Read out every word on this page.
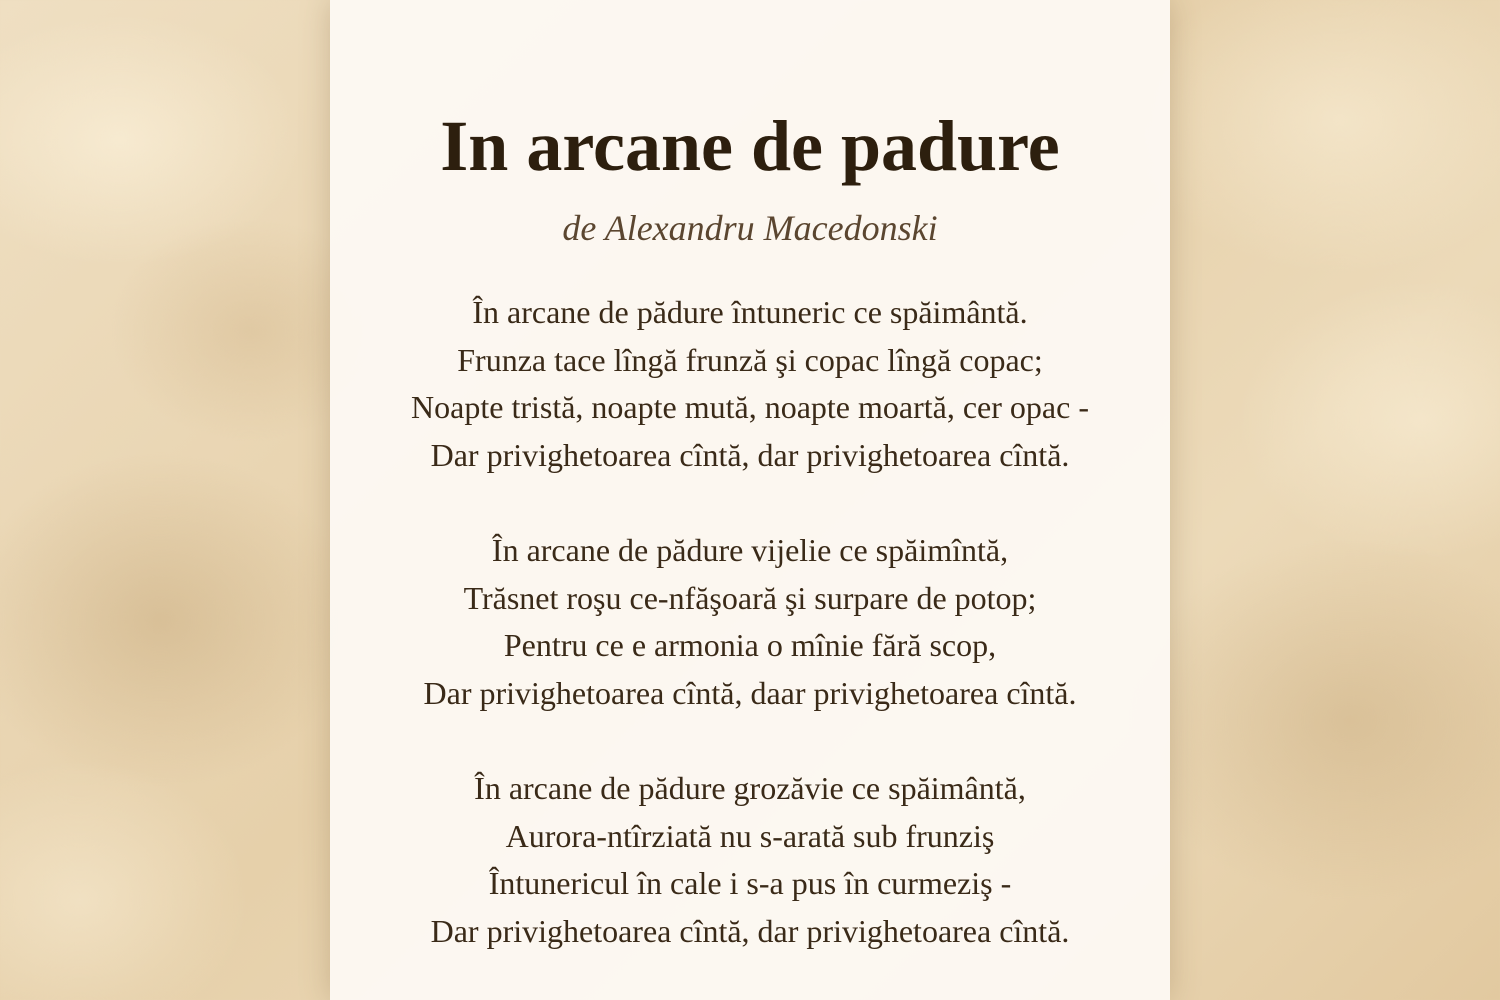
In arcane de padure
de Alexandru Macedonski
În arcane de pădure întuneric ce spăimântă.
Frunza tace lîngă frunză şi copac lîngă copac;
Noapte tristă, noapte mută, noapte moartă, cer opac -
Dar privighetoarea cîntă, dar privighetoarea cîntă.
În arcane de pădure vijelie ce spăimîntă,
Trăsnet roşu ce-nfăşoară şi surpare de potop;
Pentru ce e armonia o mînie fără scop,
Dar privighetoarea cîntă, daar privighetoarea cîntă.
În arcane de pădure grozăvie ce spăimântă,
Aurora-ntîrziată nu s-arată sub frunziş
Întunericul în cale i s-a pus în curmeziş -
Dar privighetoarea cîntă, dar privighetoarea cîntă.
